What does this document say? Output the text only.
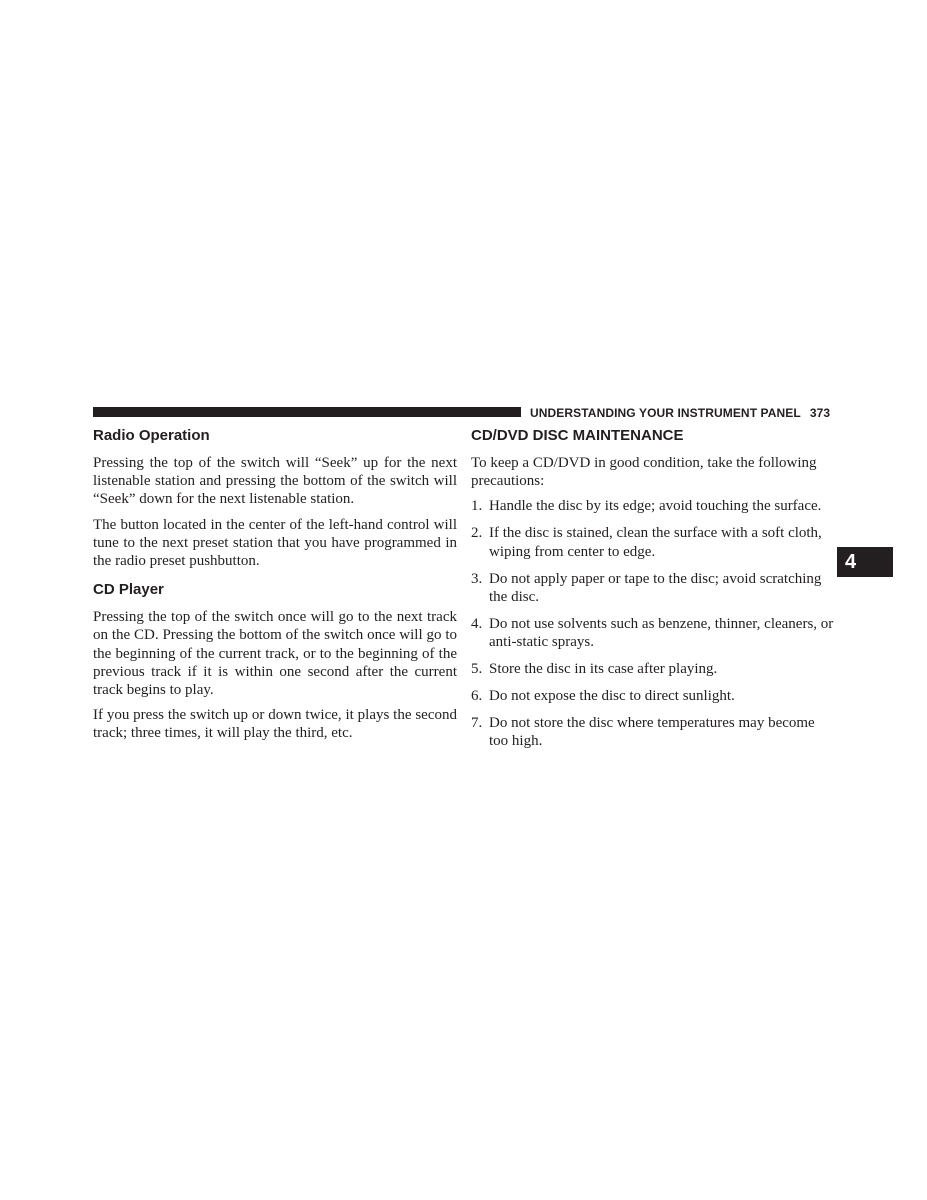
UNDERSTANDING YOUR INSTRUMENT PANEL 373
Radio Operation

Pressing the top of the switch will “Seek” up for the next listenable station and pressing the bottom of the switch will “Seek” down for the next listenable station.

The button located in the center of the left-hand control will tune to the next preset station that you have programmed in the radio preset pushbutton.

CD Player

Pressing the top of the switch once will go to the next track on the CD. Pressing the bottom of the switch once will go to the beginning of the current track, or to the beginning of the previous track if it is within one second after the current track begins to play.

If you press the switch up or down twice, it plays the second track; three times, it will play the third, etc.

CD/DVD DISC MAINTENANCE

To keep a CD/DVD in good condition, take the following precautions:

1. Handle the disc by its edge; avoid touching the surface.
2. If the disc is stained, clean the surface with a soft cloth, wiping from center to edge.
3. Do not apply paper or tape to the disc; avoid scratching the disc.
4. Do not use solvents such as benzene, thinner, cleaners, or anti-static sprays.
5. Store the disc in its case after playing.
6. Do not expose the disc to direct sunlight.
7. Do not store the disc where temperatures may become too high.
4
